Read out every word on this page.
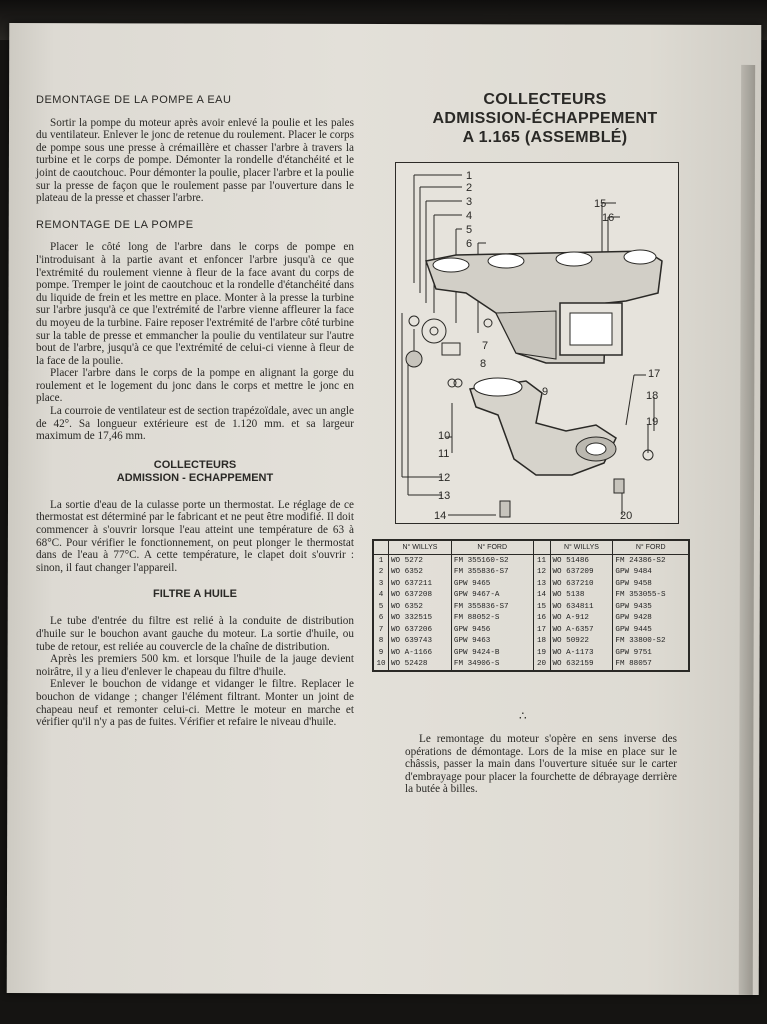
DEMONTAGE DE LA POMPE A EAU

Sortir la pompe du moteur après avoir enlevé la poulie et les pales du ventilateur. Enlever le jonc de retenue du roulement. Placer le corps de pompe sous une presse à crémaillère et chasser l'arbre à travers la turbine et le corps de pompe. Démonter la rondelle d'étanchéité et le joint de caoutchouc. Pour démonter la poulie, placer l'arbre et la poulie sur la presse de façon que le roulement passe par l'ouverture dans le plateau de la presse et chasser l'arbre.

REMONTAGE DE LA POMPE

Placer le côté long de l'arbre dans le corps de pompe en l'introduisant à la partie avant et enfoncer l'arbre jusqu'à ce que l'extrémité du roulement vienne à fleur de la face avant du corps de pompe. Tremper le joint de caoutchouc et la rondelle d'étanchéité dans du liquide de frein et les mettre en place. Monter à la presse la turbine sur l'arbre jusqu'à ce que l'extrémité de l'arbre vienne affleurer la face du moyeu de la turbine. Faire reposer l'extrémité de l'arbre côté turbine sur la table de presse et emmancher la poulie du ventilateur sur l'autre bout de l'arbre, jusqu'à ce que l'extrémité de celui-ci vienne à fleur de la face de la poulie.

Placer l'arbre dans le corps de la pompe en alignant la gorge du roulement et le logement du jonc dans le corps et mettre le jonc en place.

La courroie de ventilateur est de section trapézoïdale, avec un angle de 42°. Sa longueur extérieure est de 1.120 mm. et sa largeur maximum de 17,46 mm.

COLLECTEURS
ADMISSION - ECHAPPEMENT

La sortie d'eau de la culasse porte un thermostat. Le réglage de ce thermostat est déterminé par le fabricant et ne peut être modifié. Il doit commencer à s'ouvrir lorsque l'eau atteint une température de 63 à 68°C. Pour vérifier le fonctionnement, on peut plonger le thermostat dans de l'eau à 77°C. A cette température, le clapet doit s'ouvrir : sinon, il faut changer l'appareil.

FILTRE A HUILE

Le tube d'entrée du filtre est relié à la conduite de distribution d'huile sur le bouchon avant gauche du moteur. La sortie d'huile, ou tube de retour, est reliée au couvercle de la chaîne de distribution.

Après les premiers 500 km. et lorsque l'huile de la jauge devient noirâtre, il y a lieu d'enlever le chapeau du filtre d'huile.

Enlever le bouchon de vidange et vidanger le filtre. Replacer le bouchon de vidange ; changer l'élément filtrant. Monter un joint de chapeau neuf et remonter celui-ci. Mettre le moteur en marche et vérifier qu'il n'y a pas de fuites. Vérifier et refaire le niveau d'huile.

COLLECTEURS
ADMISSION-ÉCHAPPEMENT
A 1.165 (ASSEMBLÉ)
1
2
3
4
5
6
7
8
9
10
11
12
13
14
15
16
17
18
19
20
	N° WILLYS	N° FORD		N° WILLYS	N° FORD
1	WO 5272	FM 355160-S2	11	WO 51486	FM 24386-S2
2	WO 6352	FM 355836-S7	12	WO 637209	GPW 9484
3	WO 637211	GPW 9465	13	WO 637210	GPW 9458
4	WO 637208	GPW 9467-A	14	WO 5138	FM 353055-S
5	WO 6352	FM 355836-S7	15	WO 634811	GPW 9435
6	WO 332515	FM 88052-S	16	WO A-912	GPW 9428
7	WO 637206	GPW 9456	17	WO A-6357	GPW 9445
8	WO 639743	GPW 9463	18	WO 50922	FM 33800-S2
9	WO A-1166	GPW 9424-B	19	WO A-1173	GPW 9751
10	WO 52428	FM 34906-S	20	WO 632159	FM 88057
∴

Le remontage du moteur s'opère en sens inverse des opérations de démontage. Lors de la mise en place sur le châssis, passer la main dans l'ouverture située sur le carter d'embrayage pour placer la fourchette de débrayage derrière la butée à billes.
